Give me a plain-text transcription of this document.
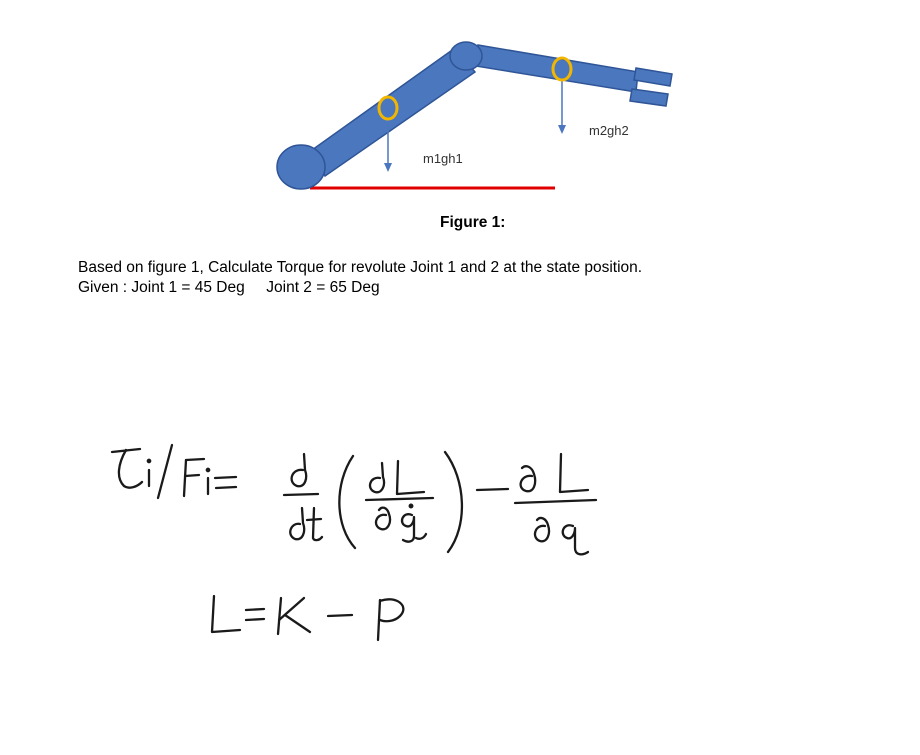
m1gh1
m2gh2
Figure 1:
Based on figure 1, Calculate Torque for revolute Joint 1 and 2 at the state position.
Given : Joint 1 = 45 Deg     Joint 2 = 65 Deg
